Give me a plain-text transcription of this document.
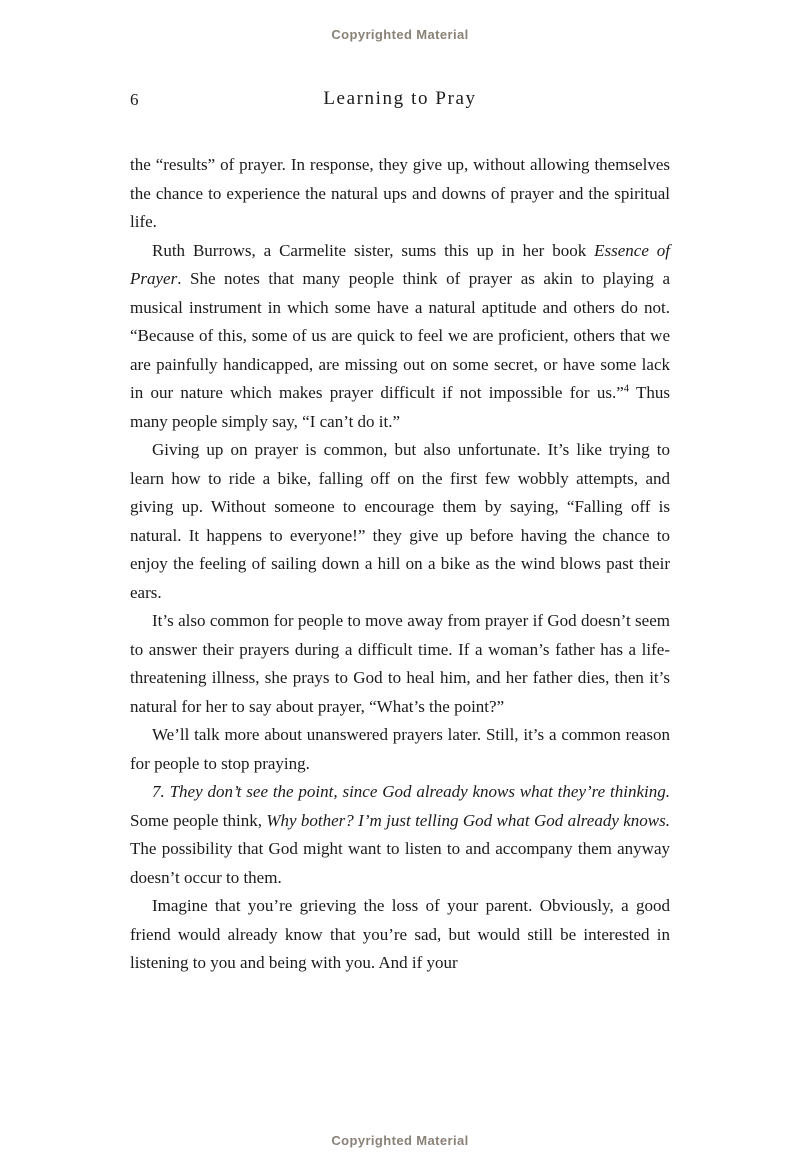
Copyrighted Material
6	Learning to Pray

the “results” of prayer. In response, they give up, without allowing themselves the chance to experience the natural ups and downs of prayer and the spiritual life.

Ruth Burrows, a Carmelite sister, sums this up in her book Essence of Prayer. She notes that many people think of prayer as akin to playing a musical instrument in which some have a natural aptitude and others do not. “Because of this, some of us are quick to feel we are proficient, others that we are painfully handicapped, are missing out on some secret, or have some lack in our nature which makes prayer difficult if not impossible for us.”$^4$ Thus many people simply say, “I can’t do it.”

Giving up on prayer is common, but also unfortunate. It’s like trying to learn how to ride a bike, falling off on the first few wobbly attempts, and giving up. Without someone to encourage them by saying, “Falling off is natural. It happens to everyone!” they give up before having the chance to enjoy the feeling of sailing down a hill on a bike as the wind blows past their ears.

It’s also common for people to move away from prayer if God doesn’t seem to answer their prayers during a difficult time. If a woman’s father has a life-threatening illness, she prays to God to heal him, and her father dies, then it’s natural for her to say about prayer, “What’s the point?”

We’ll talk more about unanswered prayers later. Still, it’s a common reason for people to stop praying.

7. They don’t see the point, since God already knows what they’re thinking. Some people think, Why bother? I’m just telling God what God already knows. The possibility that God might want to listen to and accompany them anyway doesn’t occur to them.

Imagine that you’re grieving the loss of your parent. Obviously, a good friend would already know that you’re sad, but would still be interested in listening to you and being with you. And if your

Copyrighted Material
